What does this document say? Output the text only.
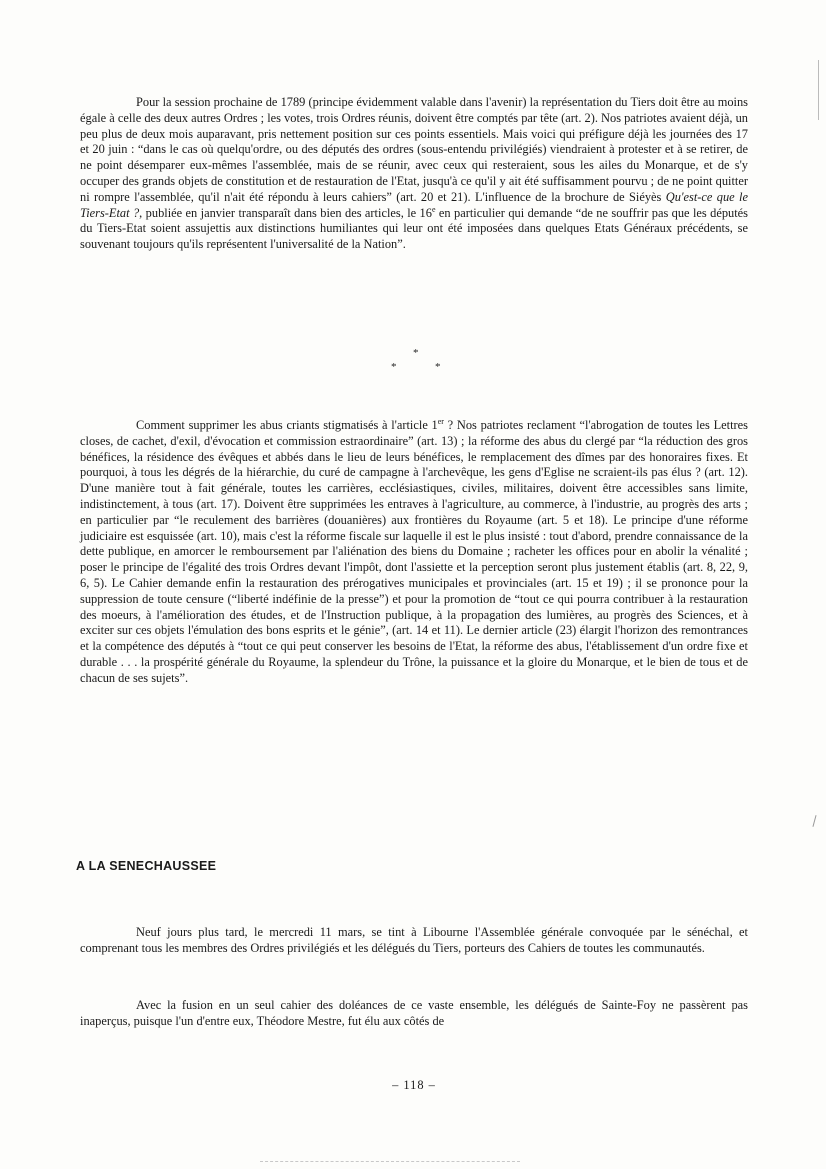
Pour la session prochaine de 1789 (principe évidemment valable dans l'avenir) la représentation du Tiers doit être au moins égale à celle des deux autres Ordres ; les votes, trois Ordres réunis, doivent être comptés par tête (art. 2). Nos patriotes avaient déjà, un peu plus de deux mois auparavant, pris nettement position sur ces points essentiels. Mais voici qui préfigure déjà les journées des 17 et 20 juin : “dans le cas où quelqu'ordre, ou des députés des ordres (sous-entendu privilégiés) viendraient à protester et à se retirer, de ne point désemparer eux-mêmes l'assemblée, mais de se réunir, avec ceux qui resteraient, sous les ailes du Monarque, et de s'y occuper des grands objets de constitution et de restauration de l'Etat, jusqu'à ce qu'il y ait été suffisamment pourvu ; de ne point quitter ni rompre l'assemblée, qu'il n'ait été répondu à leurs cahiers” (art. 20 et 21). L'influence de la brochure de Siéyès Qu'est-ce que le Tiers-Etat ?, publiée en janvier transparaît dans bien des articles, le 16e en particulier qui demande “de ne souffrir pas que les députés du Tiers-Etat soient assujettis aux distinctions humiliantes qui leur ont été imposées dans quelques Etats Généraux précédents, se souvenant toujours qu'ils représentent l'universalité de la Nation”.

*
*	*

Comment supprimer les abus criants stigmatisés à l'article 1er ? Nos patriotes reclament “l'abrogation de toutes les Lettres closes, de cachet, d'exil, d'évocation et commission estraordinaire” (art. 13) ; la réforme des abus du clergé par “la réduction des gros bénéfices, la résidence des évêques et abbés dans le lieu de leurs bénéfices, le remplacement des dîmes par des honoraires fixes. Et pourquoi, à tous les dégrés de la hiérarchie, du curé de campagne à l'archevêque, les gens d'Eglise ne scraient-ils pas élus ? (art. 12). D'une manière tout à fait générale, toutes les carrières, ecclésiastiques, civiles, militaires, doivent être accessibles sans limite, indistinctement, à tous (art. 17). Doivent être supprimées les entraves à l'agriculture, au commerce, à l'industrie, au progrès des arts ; en particulier par “le reculement des barrières (douanières) aux frontières du Royaume (art. 5 et 18). Le principe d'une réforme judiciaire est esquissée (art. 10), mais c'est la réforme fiscale sur laquelle il est le plus insisté : tout d'abord, prendre connaissance de la dette publique, en amorcer le remboursement par l'aliénation des biens du Domaine ; racheter les offices pour en abolir la vénalité ; poser le principe de l'égalité des trois Ordres devant l'impôt, dont l'assiette et la perception seront plus justement établis (art. 8, 22, 9, 6, 5). Le Cahier demande enfin la restauration des prérogatives municipales et provinciales (art. 15 et 19) ; il se prononce pour la suppression de toute censure (“liberté indéfinie de la presse”) et pour la promotion de “tout ce qui pourra contribuer à la restauration des moeurs, à l'amélioration des études, et de l'Instruction publique, à la propagation des lumières, au progrès des Sciences, et à exciter sur ces objets l'émulation des bons esprits et le génie”, (art. 14 et 11). Le dernier article (23) élargit l'horizon des remontrances et la compétence des députés à “tout ce qui peut conserver les besoins de l'Etat, la réforme des abus, l'établissement d'un ordre fixe et durable . . . la prospérité générale du Royaume, la splendeur du Trône, la puissance et la gloire du Monarque, et le bien de tous et de chacun de ses sujets”.

A LA SENECHAUSSEE

Neuf jours plus tard, le mercredi 11 mars, se tint à Libourne l'Assemblée générale convoquée par le sénéchal, et comprenant tous les membres des Ordres privilégiés et les délégués du Tiers, porteurs des Cahiers de toutes les communautés.

Avec la fusion en un seul cahier des doléances de ce vaste ensemble, les délégués de Sainte-Foy ne passèrent pas inaperçus, puisque l'un d'entre eux, Théodore Mestre, fut élu aux côtés de

– 118 –
